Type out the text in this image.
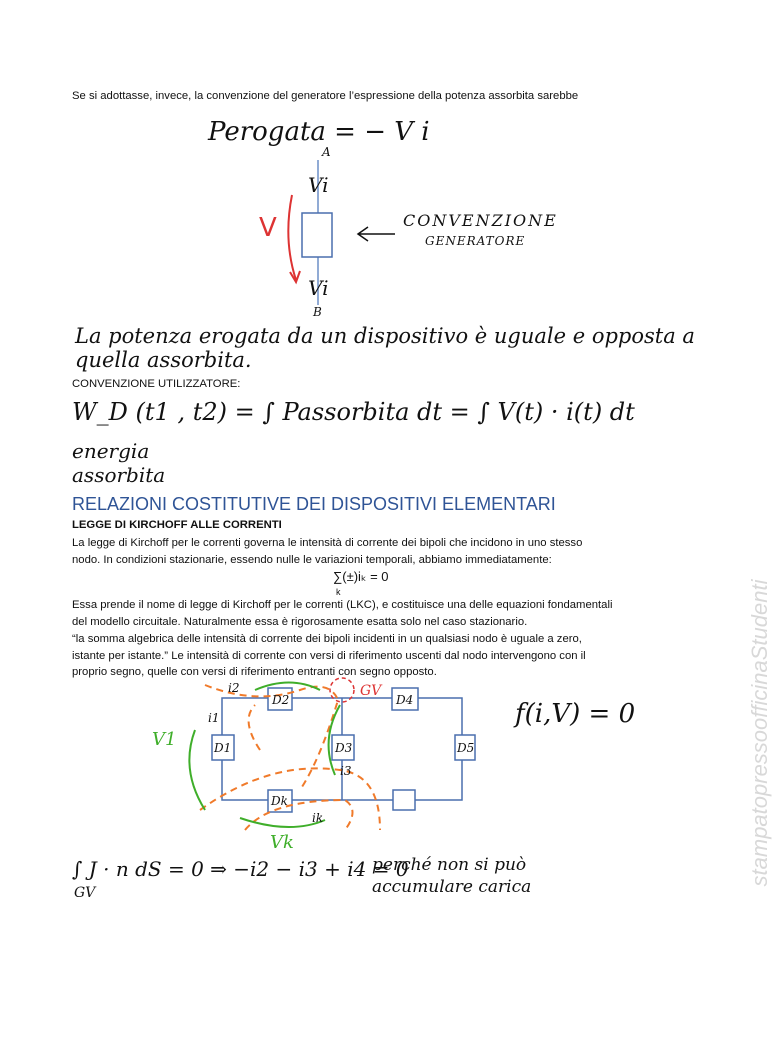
Se si adottasse, invece, la convenzione del generatore l’espressione della potenza assorbita sarebbe
Perogata = − V i
A
Vi
V	CONVENZIONE
GENERATORE
Vi
B
La potenza erogata da un dispositivo è uguale e opposta a
quella assorbita.
W_D (t1 , t2) = ∫ Passorbita dt = ∫ V(t) · i(t) dt
energia
assorbita
GV
D2	D4
D1	D3	D5
Dk
i2
i1
i3
ik
V1
Vk
f(i,V) = 0
∫ J · n dS = 0 ⇒ −i2 − i3 + i4 = 0
GV
perché non si può
accumulare carica
CONVENZIONE UTILIZZATORE:
RELAZIONI COSTITUTIVE DEI DISPOSITIVI ELEMENTARI
LEGGE DI KIRCHOFF ALLE CORRENTI
La legge di Kirchoff per le correnti governa le intensità di corrente dei bipoli che incidono in uno stesso
nodo. In condizioni stazionarie, essendo nulle le variazioni temporali, abbiamo immediatamente:
∑(±)iₖ = 0
k
Essa prende il nome di legge di Kirchoff per le correnti (LKC), e costituisce una delle equazioni fondamentali
del modello circuitale. Naturalmente essa è rigorosamente esatta solo nel caso stazionario.
“la somma algebrica delle intensità di corrente dei bipoli incidenti in un qualsiasi nodo è uguale a zero,
istante per istante.” Le intensità di corrente con versi di riferimento uscenti dal nodo intervengono con il
proprio segno, quelle con versi di riferimento entranti con segno opposto.	stampatopressoofficinaStudenti
